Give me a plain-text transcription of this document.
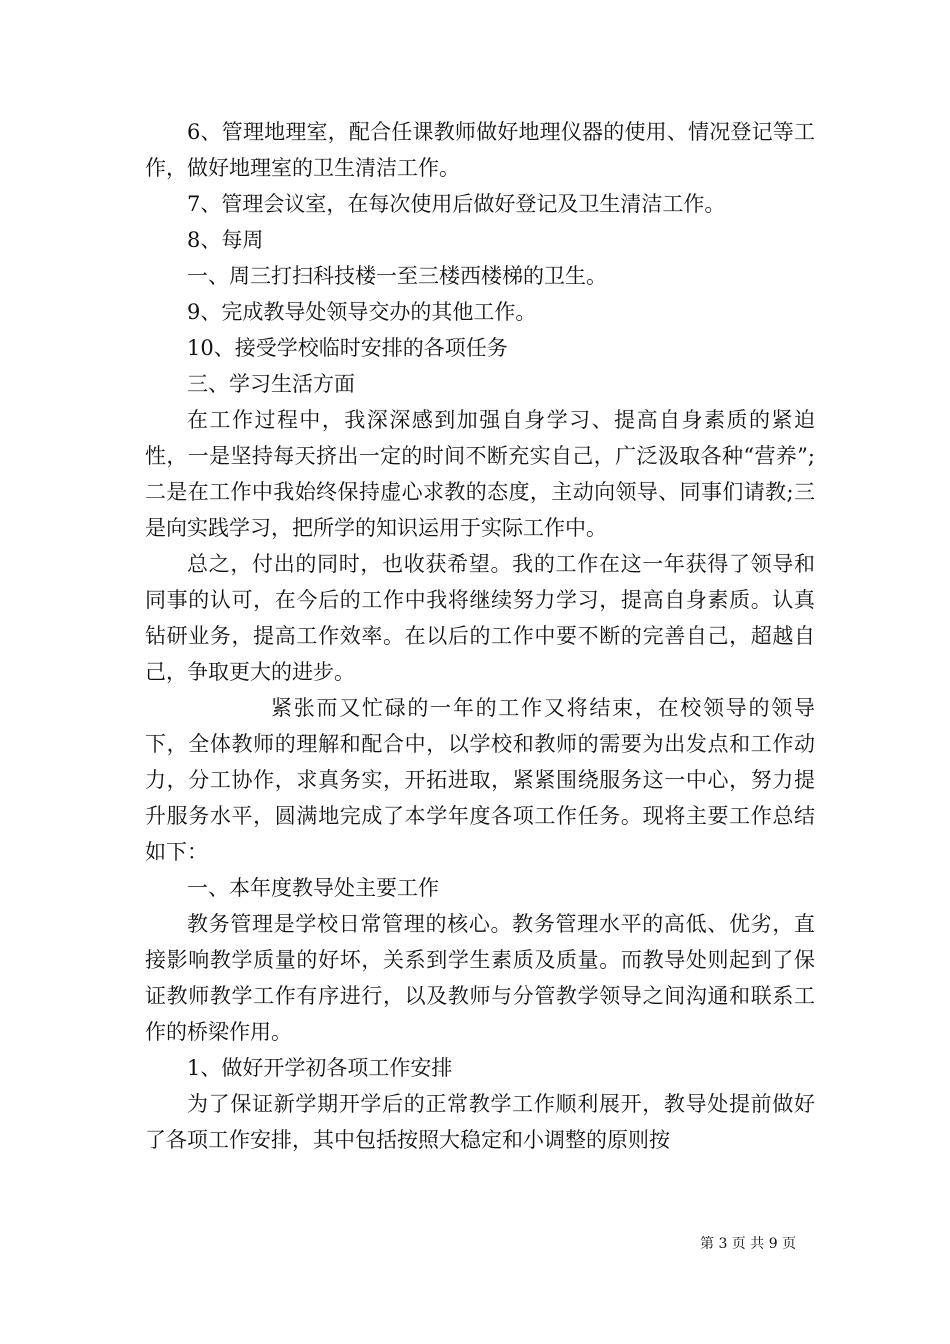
6、管理地理室，配合任课教师做好地理仪器的使用、情况登记等工作，做好地理室的卫生清洁工作。

7、管理会议室，在每次使用后做好登记及卫生清洁工作。

8、每周

一、周三打扫科技楼一至三楼西楼梯的卫生。

9、完成教导处领导交办的其他工作。

10、接受学校临时安排的各项任务

三、学习生活方面

在工作过程中，我深深感到加强自身学习、提高自身素质的紧迫性，一是坚持每天挤出一定的时间不断充实自己，广泛汲取各种“营养”;二是在工作中我始终保持虚心求教的态度，主动向领导、同事们请教;三是向实践学习，把所学的知识运用于实际工作中。

总之，付出的同时，也收获希望。我的工作在这一年获得了领导和同事的认可，在今后的工作中我将继续努力学习，提高自身素质。认真钻研业务，提高工作效率。在以后的工作中要不断的完善自己，超越自己，争取更大的进步。

紧张而又忙碌的一年的工作又将结束，在校领导的领导下，全体教师的理解和配合中，以学校和教师的需要为出发点和工作动力，分工协作，求真务实，开拓进取，紧紧围绕服务这一中心，努力提升服务水平，圆满地完成了本学年度各项工作任务。现将主要工作总结如下：

一、本年度教导处主要工作

教务管理是学校日常管理的核心。教务管理水平的高低、优劣，直接影响教学质量的好坏，关系到学生素质及质量。而教导处则起到了保证教师教学工作有序进行，以及教师与分管教学领导之间沟通和联系工作的桥梁作用。

1、做好开学初各项工作安排

为了保证新学期开学后的正常教学工作顺利展开，教导处提前做好了各项工作安排，其中包括按照大稳定和小调整的原则按

第 3 页 共 9 页
